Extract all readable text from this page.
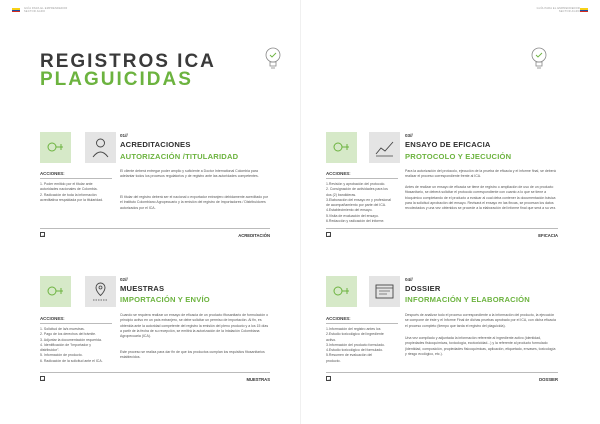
GUÍA PARA EL EMPRENDEDOR
SECTOR AGRO
GUÍA PARA EL EMPRENDEDOR
SECTOR AGRO
REGISTROS ICA
PLAGUICIDAS
01//
ACREDITACIONES
AUTORIZACIÓN /TITULARIDAD
ACCIONES:
1. Poder emitido por el titular ante
autoridades nacionales de Colombia.
2. Radicación de toda la información
acreditativa respaldada por la titularidad.

El cliente deberá entregar poder amplio y suficiente a Doctor International Colombia para adelantar todos los procesos regulatorios y de registro ante las autoridades competentes.

El titular del registro deberá ser el nacional o exportador extranjero debidamente acreditado por el Instituto Colombiano Agropecuario y la emisión del registro de Importadores / Distribuidores autorizados por el ICA.

→	ACREDITACIÓN
02//
MUESTRAS
IMPORTACIÓN Y ENVÍO
ACCIONES:
1. Solicitud de la/s muestras.
2. Pago de los derechos del trámite.
3. Adjuntar la documentación requerida.
4. Identificación de "Importador y
distribuidor".
5. Información de producto.
6. Radicación de la solicitud ante el ICA.

Cuando se requiera realizar un ensayo de eficacia de un producto fitosanitario de formulación o principio activo en un país extranjero, se debe solicitar un permiso de importación. Al fin, es obtenida ante la autoridad competente del registro la emisión del pleno producto y a los 15 días a partir de la fecha de su recepción, se emitirá la autorización de la Intalación Colombiana Agropecuaria (ICA).

Este proceso se realiza para dar fin de que los productos cumplan los requisitos fitosanitarios establecidos.

→	MUESTRAS
03//
ENSAYO DE EFICACIA
PROTOCOLO Y EJECUCIÓN
ACCIONES:
1.Revisión y aprobación del protocolo.
2. Consignación de actividades para los
dos (2) bandideras.
3.Elaboración del ensayo en y profesional
de acompañamiento por parte del ICA.
4.Establecimiento del ensayo.
5.Visita de evaluación del ensayo.
6.Redacción y radicación del informe.

Para la autorización del protocolo, ejecución de la prueba de eficacia y el informe final, se deberá realizar el proceso correspondiente frente al ICA.

Antes de realizar un ensayo de eficacia se tiene de registro o ampliación de uso de un producto fitosanitario, se deberá solicitar el protocolo correspondiente con cuanto a lo que se tiene a bioquímico completando de el producto a evaluar al cual deba contener la documentación básica para la solicitud aprobación del ensayo. Revisará el ensayo en las fincas, se procesan los datos recolectados y una vez obtenidos se procede a la elaboración del informe final que será a su vez.

→	EFICACIA
04//
DOSSIER
INFORMACIÓN Y ELABORACIÓN
ACCIONES:
1.Información del registro antes los
2.Estudio toxicológico del ingrediente
activo.
3.Información del producto formulado.
4.Estudio toxicológico del formulado.
5.Resumen de evaluación del
producto.

Después de analizar todo el proceso correspondiente a la información del producto, la ejecución se compone de éste y el Informe Final de dichas pruebas aprobado por el ICA, con dicha eficacia el proceso completo (tiempo que tarda el registro del plaguicida).

Una vez compilado y adjuntada la información referente al ingrediente activo (identidad, propiedades fisicoquímicas, toxicología, ecotoxicidad...) y la referente al producto formulado (identidad, composición, propiedades fisicoquímicas, aplicación, etiquetado, envases, toxicología y riesgo ecológico, etc.).

→	DOSSIER
